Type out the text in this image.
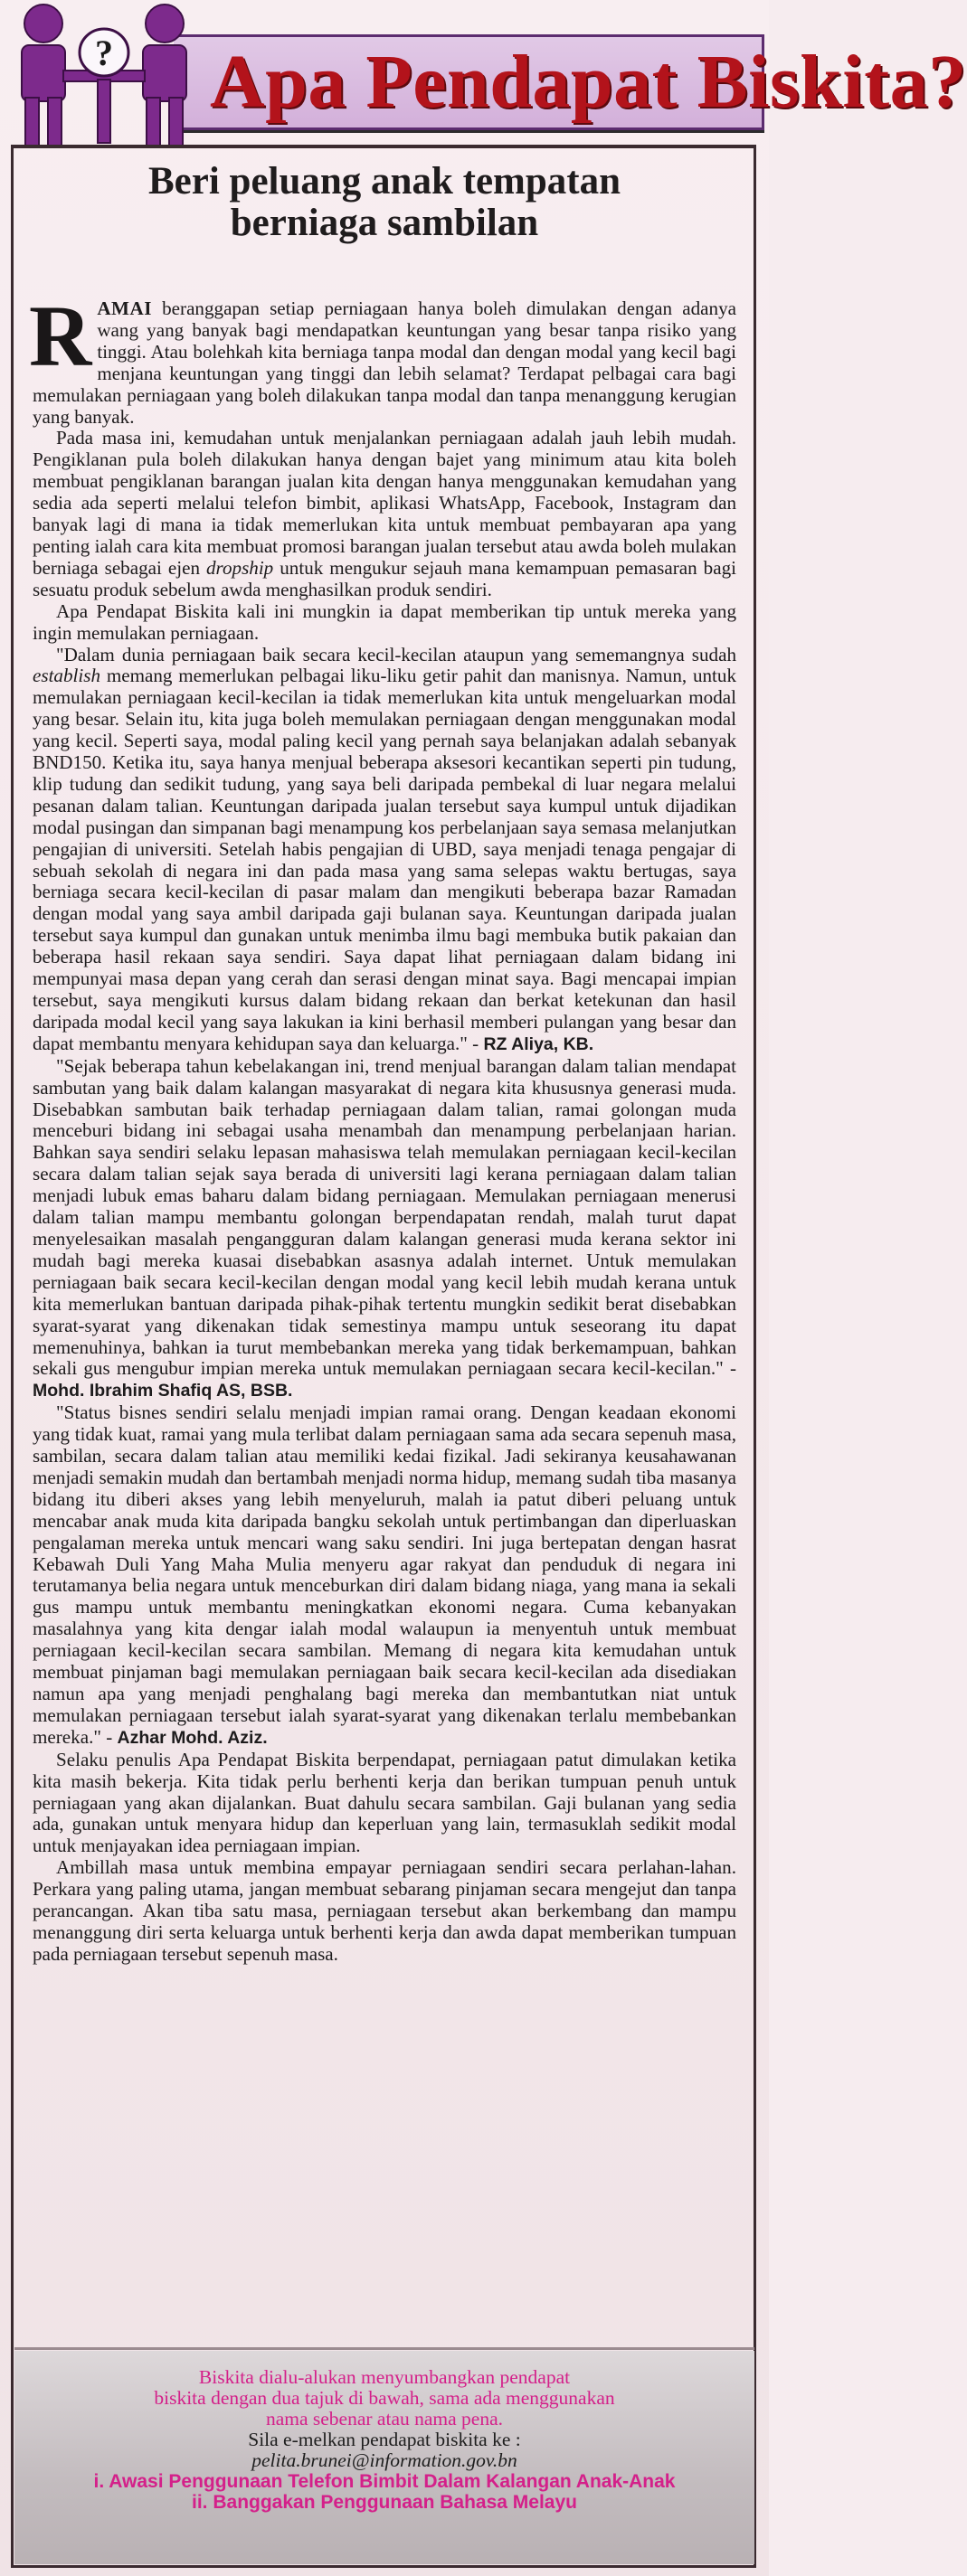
? Apa Pendapat Biskita?
Beri peluang anak tempatan
berniaga sambilan

RAMAI beranggapan setiap perniagaan hanya boleh dimulakan dengan adanya wang yang banyak bagi mendapatkan keuntungan yang besar tanpa risiko yang tinggi. Atau bolehkah kita berniaga tanpa modal dan dengan modal yang kecil bagi menjana keuntungan yang tinggi dan lebih selamat? Terdapat pelbagai cara bagi memulakan perniagaan yang boleh dilakukan tanpa modal dan tanpa menanggung kerugian yang banyak.

Pada masa ini, kemudahan untuk menjalankan perniagaan adalah jauh lebih mudah. Pengiklanan pula boleh dilakukan hanya dengan bajet yang minimum atau kita boleh membuat pengiklanan barangan jualan kita dengan hanya menggunakan kemudahan yang sedia ada seperti melalui telefon bimbit, aplikasi WhatsApp, Facebook, Instagram dan banyak lagi di mana ia tidak memerlukan kita untuk membuat pembayaran apa yang penting ialah cara kita membuat promosi barangan jualan tersebut atau awda boleh mulakan berniaga sebagai ejen dropship untuk mengukur sejauh mana kemampuan pemasaran bagi sesuatu produk sebelum awda menghasilkan produk sendiri.

Apa Pendapat Biskita kali ini mungkin ia dapat memberikan tip untuk mereka yang ingin memulakan perniagaan.

"Dalam dunia perniagaan baik secara kecil-kecilan ataupun yang sememangnya sudah establish memang memerlukan pelbagai liku-liku getir pahit dan manisnya. Namun, untuk memulakan perniagaan kecil-kecilan ia tidak memerlukan kita untuk mengeluarkan modal yang besar. Selain itu, kita juga boleh memulakan perniagaan dengan menggunakan modal yang kecil. Seperti saya, modal paling kecil yang pernah saya belanjakan adalah sebanyak BND150. Ketika itu, saya hanya menjual beberapa aksesori kecantikan seperti pin tudung, klip tudung dan sedikit tudung, yang saya beli daripada pembekal di luar negara melalui pesanan dalam talian. Keuntungan daripada jualan tersebut saya kumpul untuk dijadikan modal pusingan dan simpanan bagi menampung kos perbelanjaan saya semasa melanjutkan pengajian di universiti. Setelah habis pengajian di UBD, saya menjadi tenaga pengajar di sebuah sekolah di negara ini dan pada masa yang sama selepas waktu bertugas, saya berniaga secara kecil-kecilan di pasar malam dan mengikuti beberapa bazar Ramadan dengan modal yang saya ambil daripada gaji bulanan saya. Keuntungan daripada jualan tersebut saya kumpul dan gunakan untuk menimba ilmu bagi membuka butik pakaian dan beberapa hasil rekaan saya sendiri. Saya dapat lihat perniagaan dalam bidang ini mempunyai masa depan yang cerah dan serasi dengan minat saya. Bagi mencapai impian tersebut, saya mengikuti kursus dalam bidang rekaan dan berkat ketekunan dan hasil daripada modal kecil yang saya lakukan ia kini berhasil memberi pulangan yang besar dan dapat membantu menyara kehidupan saya dan keluarga." - RZ Aliya, KB.

"Sejak beberapa tahun kebelakangan ini, trend menjual barangan dalam talian mendapat sambutan yang baik dalam kalangan masyarakat di negara kita khususnya generasi muda. Disebabkan sambutan baik terhadap perniagaan dalam talian, ramai golongan muda menceburi bidang ini sebagai usaha menambah dan menampung perbelanjaan harian. Bahkan saya sendiri selaku lepasan mahasiswa telah memulakan perniagaan kecil-kecilan secara dalam talian sejak saya berada di universiti lagi kerana perniagaan dalam talian menjadi lubuk emas baharu dalam bidang perniagaan. Memulakan perniagaan menerusi dalam talian mampu membantu golongan berpendapatan rendah, malah turut dapat menyelesaikan masalah pengangguran dalam kalangan generasi muda kerana sektor ini mudah bagi mereka kuasai disebabkan asasnya adalah internet. Untuk memulakan perniagaan baik secara kecil-kecilan dengan modal yang kecil lebih mudah kerana untuk kita memerlukan bantuan daripada pihak-pihak tertentu mungkin sedikit berat disebabkan syarat-syarat yang dikenakan tidak semestinya mampu untuk seseorang itu dapat memenuhinya, bahkan ia turut membebankan mereka yang tidak berkemampuan, bahkan sekali gus mengubur impian mereka untuk memulakan perniagaan secara kecil-kecilan." - Mohd. Ibrahim Shafiq AS, BSB.

"Status bisnes sendiri selalu menjadi impian ramai orang. Dengan keadaan ekonomi yang tidak kuat, ramai yang mula terlibat dalam perniagaan sama ada secara sepenuh masa, sambilan, secara dalam talian atau memiliki kedai fizikal. Jadi sekiranya keusahawanan menjadi semakin mudah dan bertambah menjadi norma hidup, memang sudah tiba masanya bidang itu diberi akses yang lebih menyeluruh, malah ia patut diberi peluang untuk mencabar anak muda kita daripada bangku sekolah untuk pertimbangan dan diperluaskan pengalaman mereka untuk mencari wang saku sendiri. Ini juga bertepatan dengan hasrat Kebawah Duli Yang Maha Mulia menyeru agar rakyat dan penduduk di negara ini terutamanya belia negara untuk menceburkan diri dalam bidang niaga, yang mana ia sekali gus mampu untuk membantu meningkatkan ekonomi negara. Cuma kebanyakan masalahnya yang kita dengar ialah modal walaupun ia menyentuh untuk membuat perniagaan kecil-kecilan secara sambilan. Memang di negara kita kemudahan untuk membuat pinjaman bagi memulakan perniagaan baik secara kecil-kecilan ada disediakan namun apa yang menjadi penghalang bagi mereka dan membantutkan niat untuk memulakan perniagaan tersebut ialah syarat-syarat yang dikenakan terlalu membebankan mereka." - Azhar Mohd. Aziz.

Selaku penulis Apa Pendapat Biskita berpendapat, perniagaan patut dimulakan ketika kita masih bekerja. Kita tidak perlu berhenti kerja dan berikan tumpuan penuh untuk perniagaan yang akan dijalankan. Buat dahulu secara sambilan. Gaji bulanan yang sedia ada, gunakan untuk menyara hidup dan keperluan yang lain, termasuklah sedikit modal untuk menjayakan idea perniagaan impian.

Ambillah masa untuk membina empayar perniagaan sendiri secara perlahan-lahan. Perkara yang paling utama, jangan membuat sebarang pinjaman secara mengejut dan tanpa perancangan. Akan tiba satu masa, perniagaan tersebut akan berkembang dan mampu menanggung diri serta keluarga untuk berhenti kerja dan awda dapat memberikan tumpuan pada perniagaan tersebut sepenuh masa.

Biskita dialu-alukan menyumbangkan pendapat
biskita dengan dua tajuk di bawah, sama ada menggunakan
nama sebenar atau nama pena.
Sila e-melkan pendapat biskita ke :
pelita.brunei@information.gov.bn
i. Awasi Penggunaan Telefon Bimbit Dalam Kalangan Anak-Anak
ii. Banggakan Penggunaan Bahasa Melayu
